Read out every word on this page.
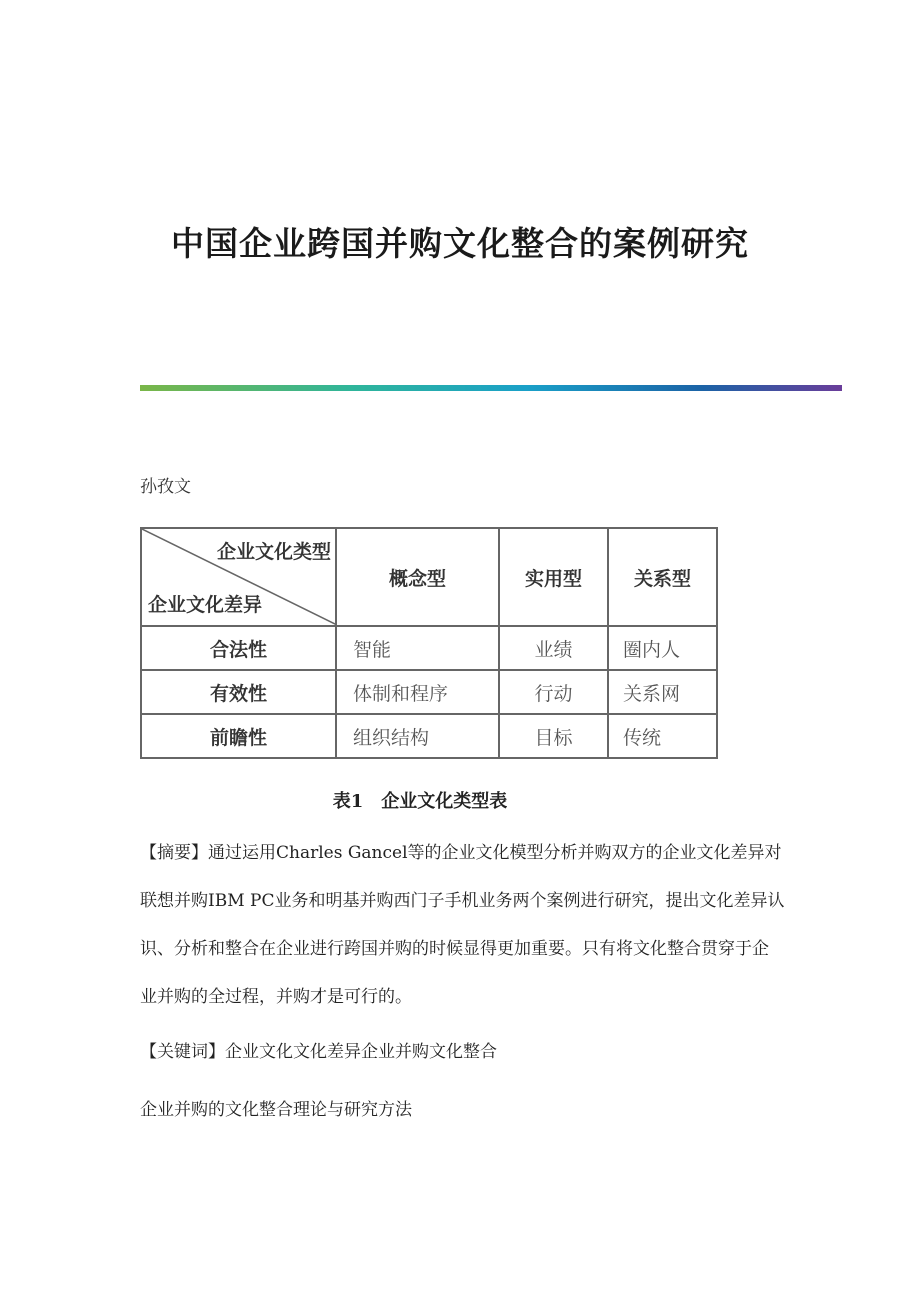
中国企业跨国并购文化整合的案例研究
孙孜文
企业文化类型
企业文化差异	概念型	实用型	关系型
合法性	智能	业绩	圈内人
有效性	体制和程序	行动	关系网
前瞻性	组织结构	目标	传统
表1　企业文化类型表

【摘要】通过运用Charles Gancel等的企业文化模型分析并购双方的企业文化差异对联想并购IBM PC业务和明基并购西门子手机业务两个案例进行研究，提出文化差异认识、分析和整合在企业进行跨国并购的时候显得更加重要。只有将文化整合贯穿于企业并购的全过程，并购才是可行的。

【关键词】企业文化文化差异企业并购文化整合

企业并购的文化整合理论与研究方法
